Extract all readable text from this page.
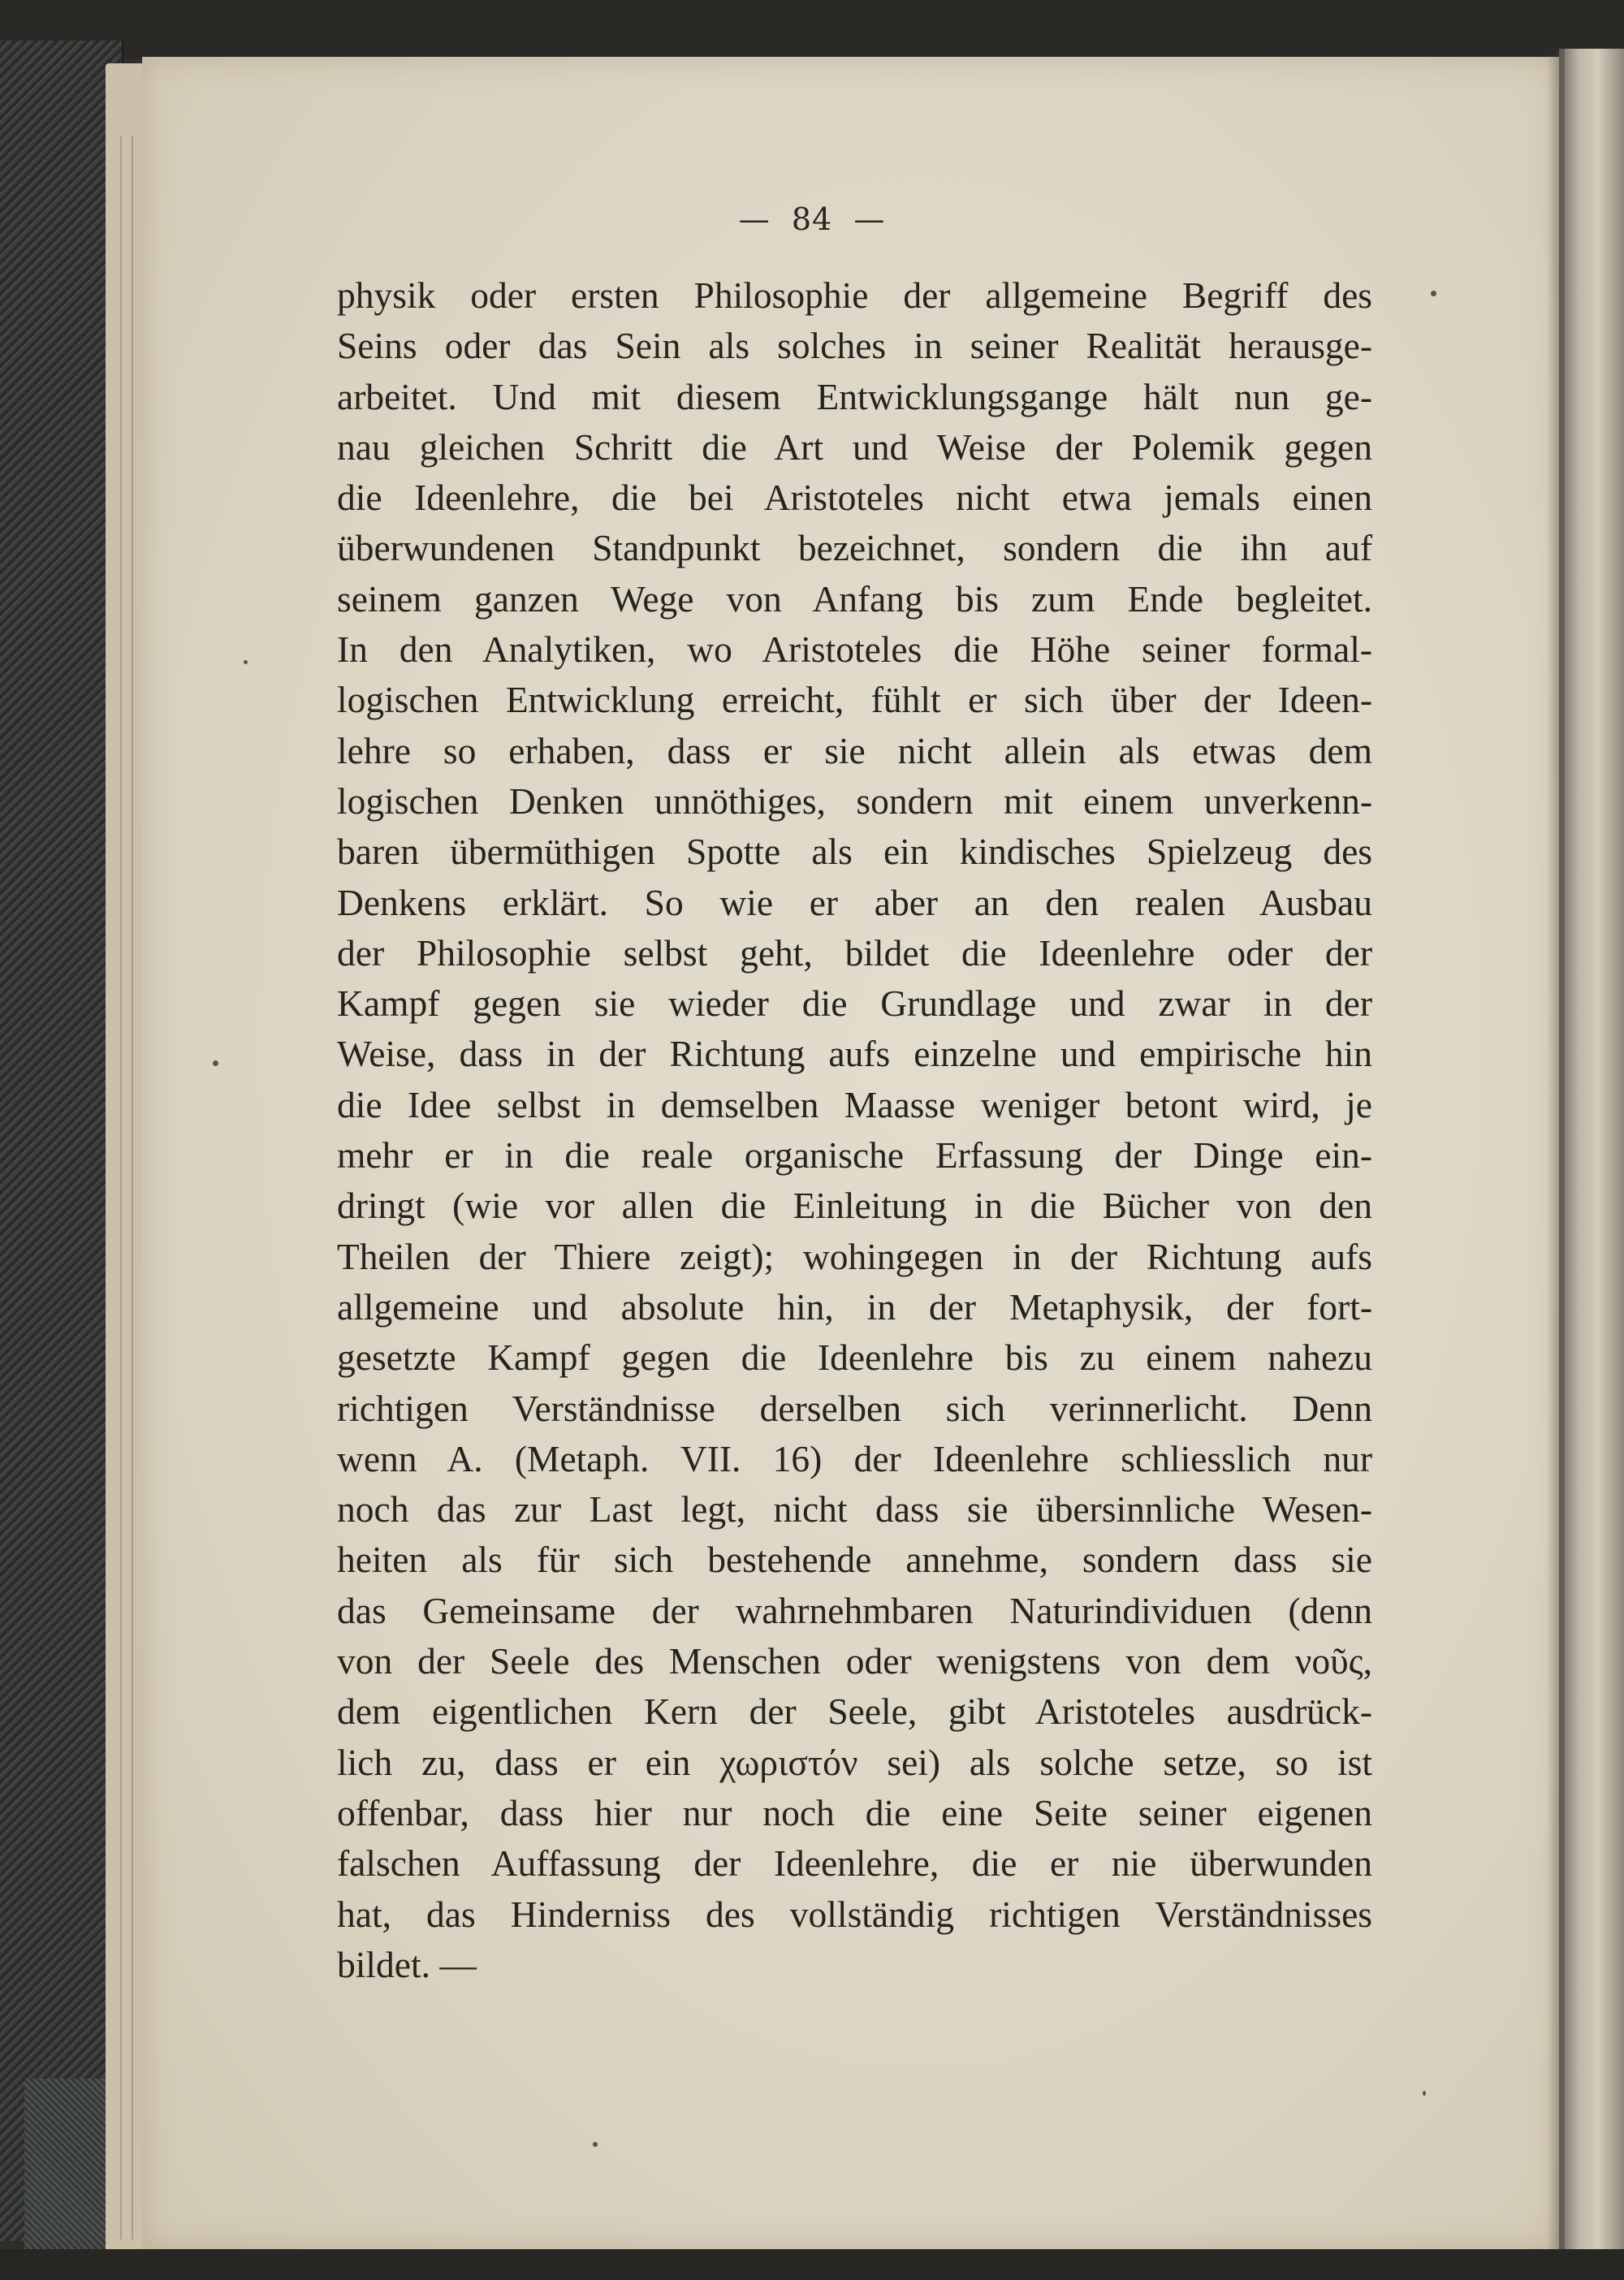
—  84  —
physik oder ersten Philosophie der allgemeine Begriff des
Seins oder das Sein als solches in seiner Realität herausge-
arbeitet. Und mit diesem Entwicklungsgange hält nun ge-
nau gleichen Schritt die Art und Weise der Polemik gegen
die Ideenlehre, die bei Aristoteles nicht etwa jemals einen
überwundenen Standpunkt bezeichnet, sondern die ihn auf
seinem ganzen Wege von Anfang bis zum Ende begleitet.
In den Analytiken, wo Aristoteles die Höhe seiner formal-
logischen Entwicklung erreicht, fühlt er sich über der Ideen-
lehre so erhaben, dass er sie nicht allein als etwas dem
logischen Denken unnöthiges, sondern mit einem unverkenn-
baren übermüthigen Spotte als ein kindisches Spielzeug des
Denkens erklärt. So wie er aber an den realen Ausbau
der Philosophie selbst geht, bildet die Ideenlehre oder der
Kampf gegen sie wieder die Grundlage und zwar in der
Weise, dass in der Richtung aufs einzelne und empirische hin
die Idee selbst in demselben Maasse weniger betont wird, je
mehr er in die reale organische Erfassung der Dinge ein-
dringt (wie vor allen die Einleitung in die Bücher von den
Theilen der Thiere zeigt); wohingegen in der Richtung aufs
allgemeine und absolute hin, in der Metaphysik, der fort-
gesetzte Kampf gegen die Ideenlehre bis zu einem nahezu
richtigen Verständnisse derselben sich verinnerlicht. Denn
wenn A. (Metaph. VII. 16) der Ideenlehre schliesslich nur
noch das zur Last legt, nicht dass sie übersinnliche Wesen-
heiten als für sich bestehende annehme, sondern dass sie
das Gemeinsame der wahrnehmbaren Naturindividuen (denn
von der Seele des Menschen oder wenigstens von dem νοῦς,
dem eigentlichen Kern der Seele, gibt Aristoteles ausdrück-
lich zu, dass er ein χωριστόν sei) als solche setze, so ist
offenbar, dass hier nur noch die eine Seite seiner eigenen
falschen Auffassung der Ideenlehre, die er nie überwunden
hat, das Hinderniss des vollständig richtigen Verständnisses
bildet. —
